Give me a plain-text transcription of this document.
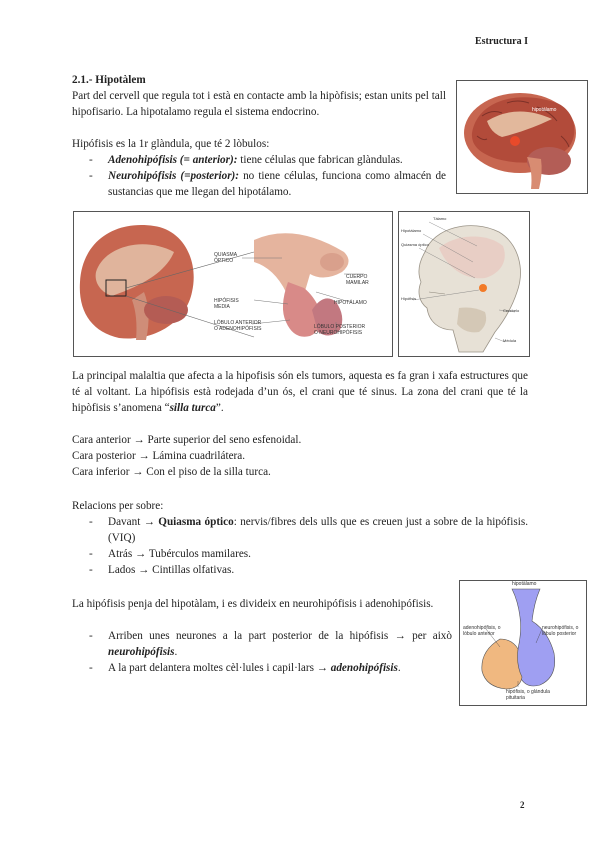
Estructura I
2.1.- Hipotàlem
Part del cervell que regula tot i està en contacte amb la hipòfisis; estan units pel tall hipofisario. La hipotalamo regula el sistema endocrino.
Hipófisis es la 1r glàndula, que té 2 lòbulos:
- Adenohipófisis (= anterior): tiene células que fabrican glàndulas.
- Neurohipófisis (=posterior): no tiene células, funciona como almacén de sustancias que me llegan del hipotálamo.
hipotálamo
QUIASMA
ÓPTICO
CUERPO
MAMILAR
HIPOTÁLAMO
HIPÓFISIS
MEDIA
LÓBULO ANTERIOR
O ADENOHIPÓFISIS	LÓBULO POSTERIOR
O NEUROHIPÓFISIS
Tálamo
Hipotálamo
Quiasma óptico
Hipófisis
Cerebelo
Médula
La principal malaltia que afecta a la hipofisis són els tumors, aquesta es fa gran i xafa estructures que té al voltant. La hipófisis està rodejada d’un ós, el crani que té sinus. La zona del crani que té la hipòfisis s’anomena “silla turca”.
Cara anterior → Parte superior del seno esfenoidal.
Cara posterior → Lámina cuadrilátera.
Cara inferior → Con el piso de la silla turca.
Relacions per sobre:
- Davant → Quiasma óptico: nervis/fibres dels ulls que es creuen just a sobre de la hipófisis. (VIQ)
- Atrás → Tubérculos mamilares.
- Lados → Cintillas olfativas.
La hipófisis penja del hipotàlam, i es divideix en neurohipófisis i adenohipófisis.
- Arriben unes neurones a la part posterior de la hipófisis → per això neurohipófisis.
- A la part delantera moltes cèl·lules i capil·lars → adenohipófisis.
hipotàlamo
adenohipófisis, o lóbulo anterior
neurohipófisis, o lóbulo posterior
hipófisis, o glándula pituitaria
2
